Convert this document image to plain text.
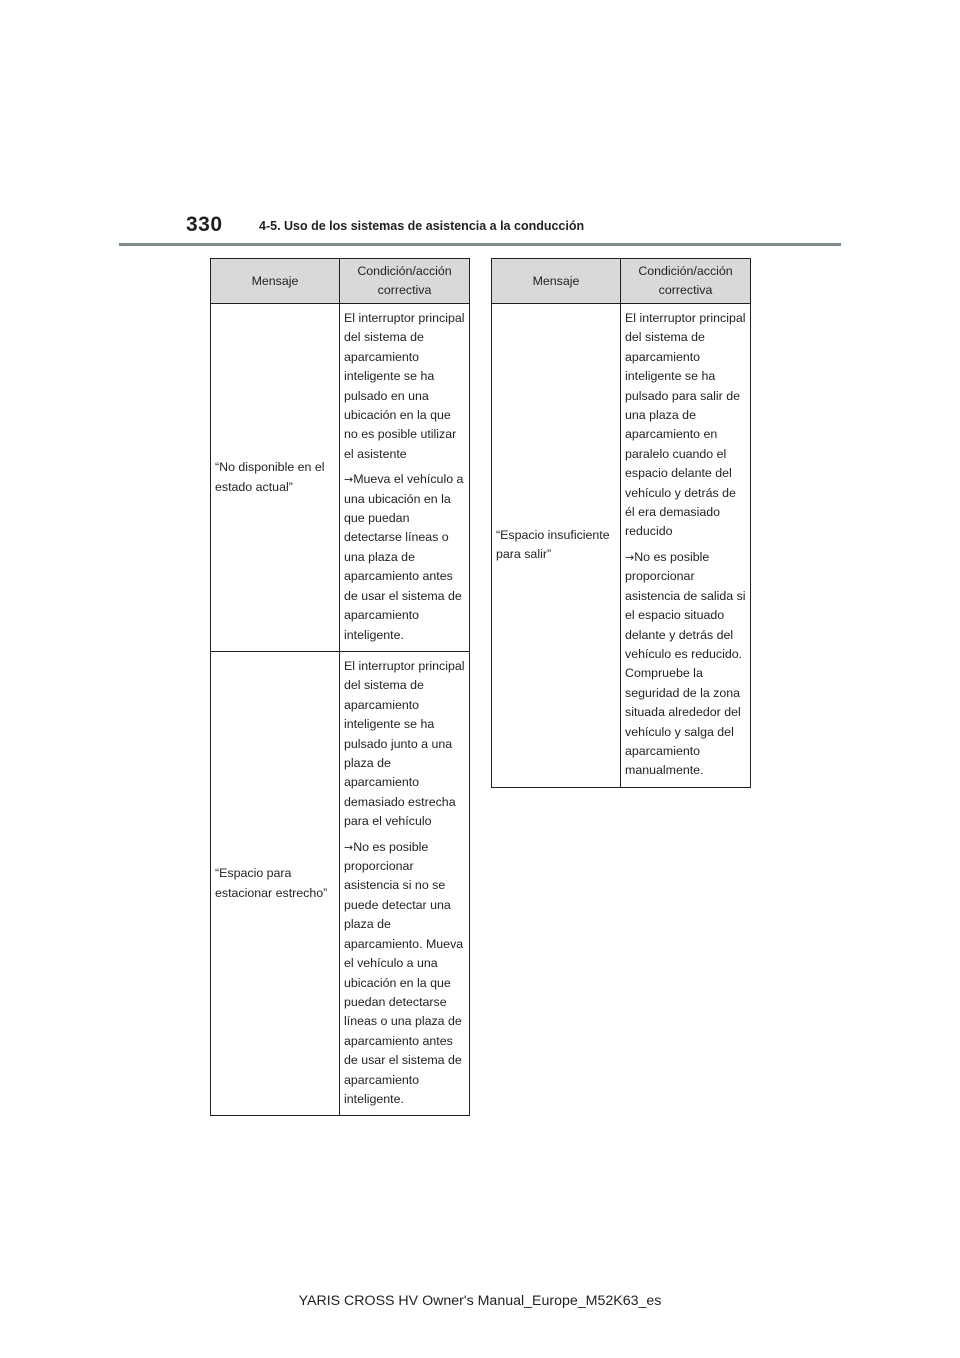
330	4-5. Uso de los sistemas de asistencia a la conducción
Mensaje	Condición/acción correctiva
“No disponible en el estado actual”	El interruptor principal del sistema de aparcamiento inteligente se ha pulsado en una ubicación en la que no es posible utilizar el asistente

→Mueva el vehículo a una ubicación en la que puedan detectarse líneas o una plaza de aparcamiento antes de usar el sistema de aparcamiento inteligente.

“Espacio para estacionar estrecho”	El interruptor principal del sistema de aparcamiento inteligente se ha pulsado junto a una plaza de aparcamiento demasiado estrecha para el vehículo

→No es posible proporcionar asistencia si no se puede detectar una plaza de aparcamiento. Mueva el vehículo a una ubicación en la que puedan detectarse líneas o una plaza de aparcamiento antes de usar el sistema de aparcamiento inteligente.

Mensaje	Condición/acción correctiva
“Espacio insuficiente para salir”	El interruptor principal del sistema de aparcamiento inteligente se ha pulsado para salir de una plaza de aparcamiento en paralelo cuando el espacio delante del vehículo y detrás de él era demasiado reducido

→No es posible proporcionar asistencia de salida si el espacio situado delante y detrás del vehículo es reducido. Compruebe la seguridad de la zona situada alrededor del vehículo y salga del aparcamiento manualmente.

YARIS CROSS HV Owner's Manual_Europe_M52K63_es
